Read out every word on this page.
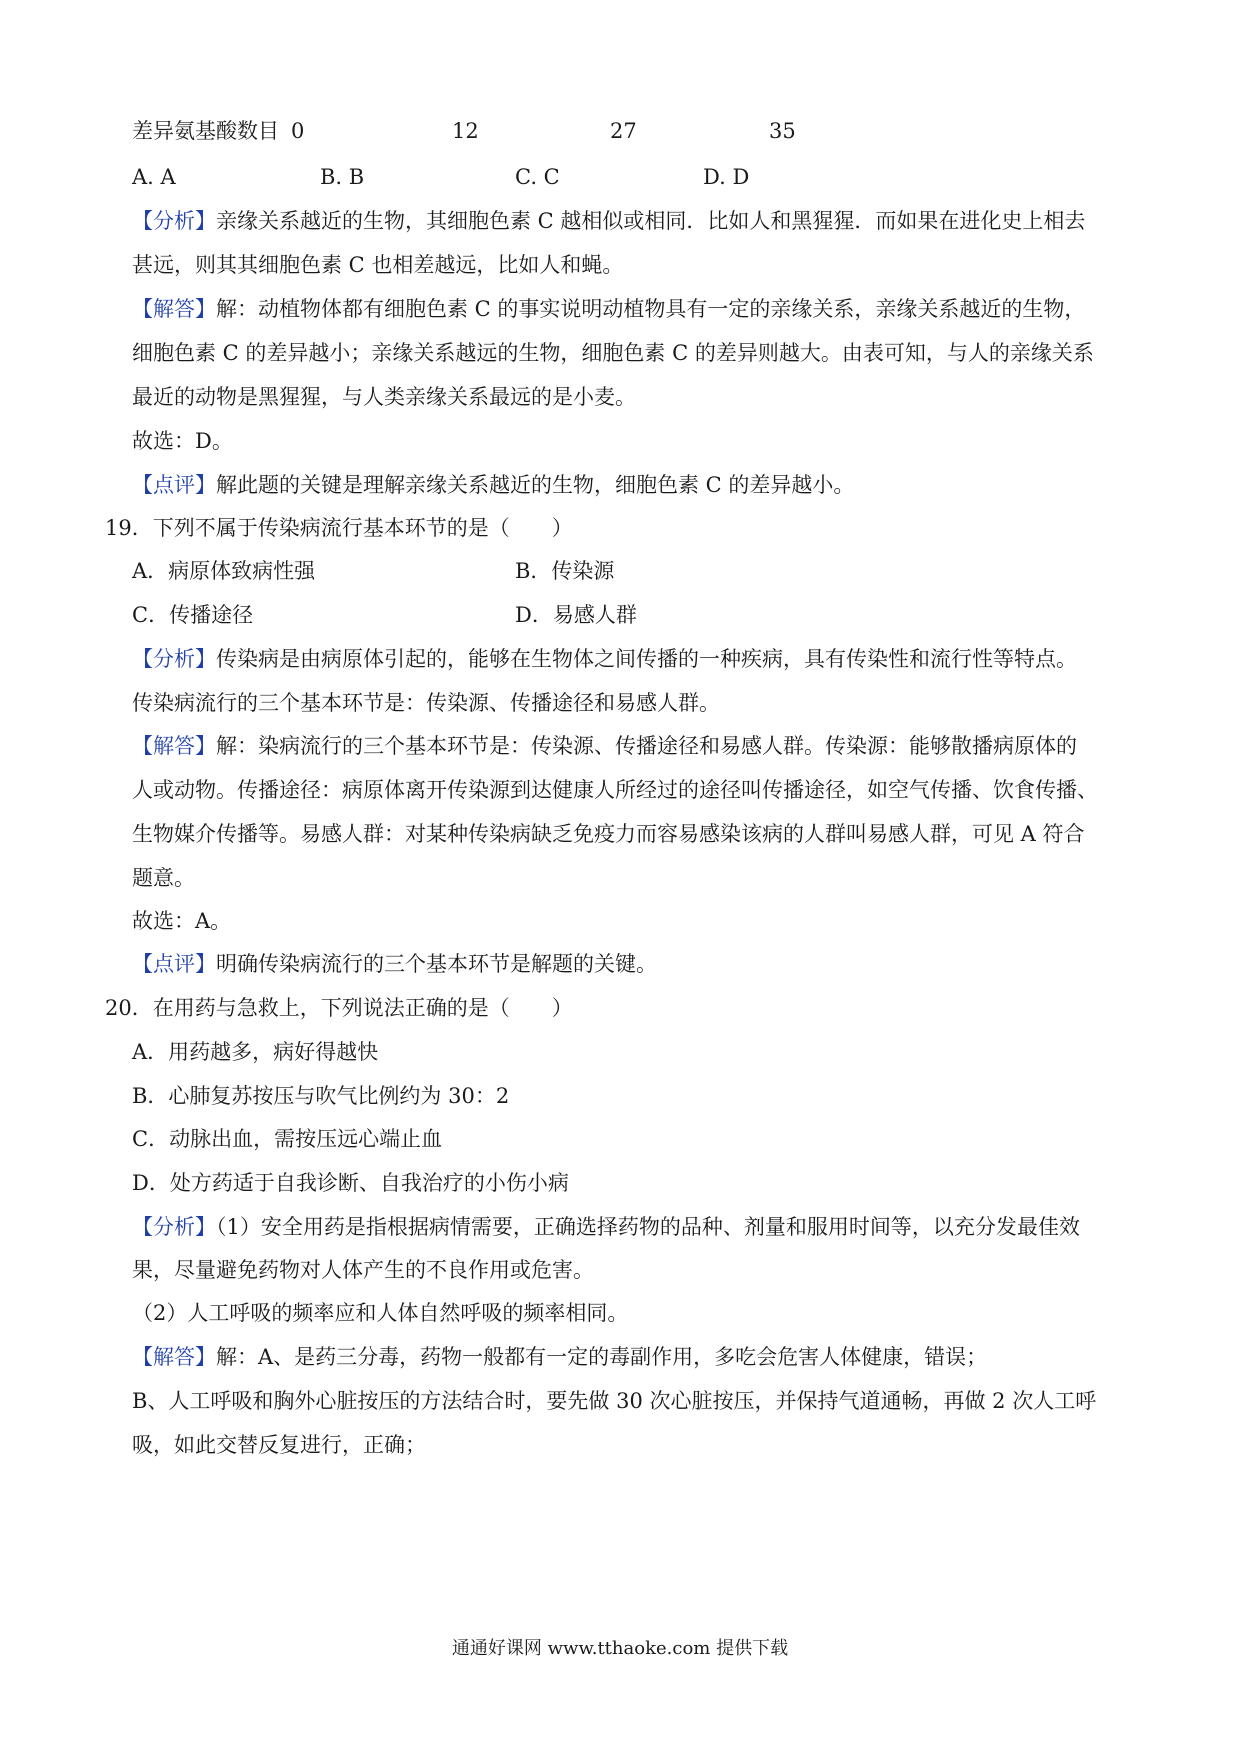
差异氨基酸数目 0	12	27	35
A. A	B. B	C. C	D. D
【分析】亲缘关系越近的生物，其细胞色素 C 越相似或相同．比如人和黑猩猩．而如果在进化史上相去
甚远，则其其细胞色素 C 也相差越远，比如人和蝇。
【解答】解：动植物体都有细胞色素 C 的事实说明动植物具有一定的亲缘关系，亲缘关系越近的生物，
细胞色素 C 的差异越小；亲缘关系越远的生物，细胞色素 C 的差异则越大。由表可知，与人的亲缘关系
最近的动物是黑猩猩，与人类亲缘关系最远的是小麦。
故选：D。
【点评】解此题的关键是理解亲缘关系越近的生物，细胞色素 C 的差异越小。
19．下列不属于传染病流行基本环节的是（　　）
A．病原体致病性强	B．传染源
C．传播途径	D．易感人群
【分析】传染病是由病原体引起的，能够在生物体之间传播的一种疾病，具有传染性和流行性等特点。
传染病流行的三个基本环节是：传染源、传播途径和易感人群。
【解答】解：染病流行的三个基本环节是：传染源、传播途径和易感人群。传染源：能够散播病原体的
人或动物。传播途径：病原体离开传染源到达健康人所经过的途径叫传播途径，如空气传播、饮食传播、
生物媒介传播等。易感人群：对某种传染病缺乏免疫力而容易感染该病的人群叫易感人群，可见 A 符合
题意。
故选：A。
【点评】明确传染病流行的三个基本环节是解题的关键。
20．在用药与急救上，下列说法正确的是（　　）
A．用药越多，病好得越快
B．心肺复苏按压与吹气比例约为 30：2
C．动脉出血，需按压远心端止血
D．处方药适于自我诊断、自我治疗的小伤小病
【分析】（1）安全用药是指根据病情需要，正确选择药物的品种、剂量和服用时间等，以充分发最佳效
果，尽量避免药物对人体产生的不良作用或危害。
（2）人工呼吸的频率应和人体自然呼吸的频率相同。
【解答】解：A、是药三分毒，药物一般都有一定的毒副作用，多吃会危害人体健康，错误；
B、人工呼吸和胸外心脏按压的方法结合时，要先做 30 次心脏按压，并保持气道通畅，再做 2 次人工呼
吸，如此交替反复进行，正确；
通通好课网 www.tthaoke.com 提供下载
